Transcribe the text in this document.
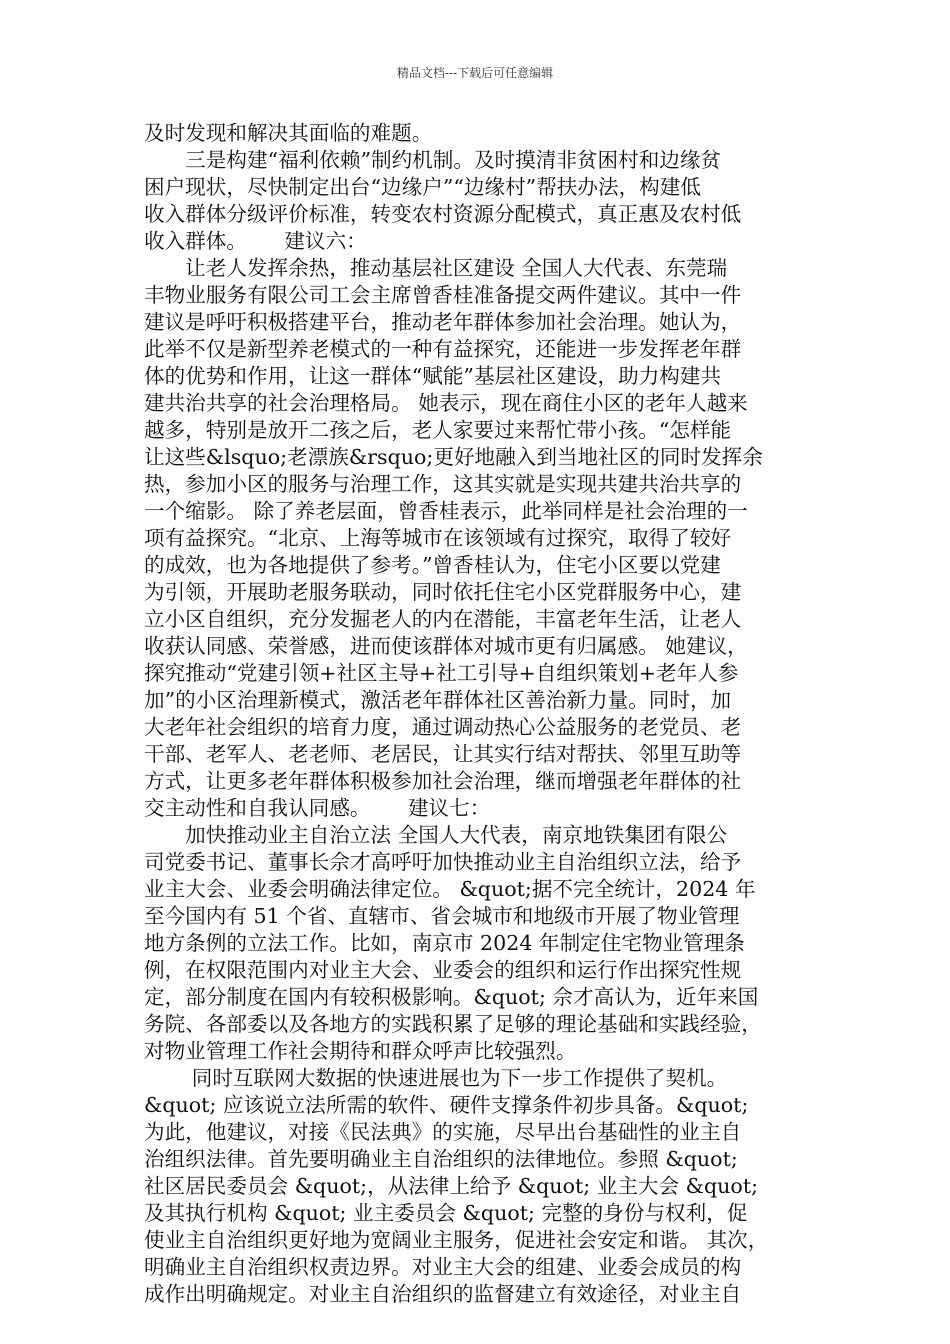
精品文档---下载后可任意编辑
及时发现和解决其面临的难题。
　　三是构建“福利依赖”制约机制。及时摸清非贫困村和边缘贫
困户现状，尽快制定出台“边缘户”“边缘村”帮扶办法，构建低
收入群体分级评价标准，转变农村资源分配模式，真正惠及农村低
收入群体。　　 建议六：
　　让老人发挥余热，推动基层社区建设 全国人大代表、东莞瑞
丰物业服务有限公司工会主席曾香桂准备提交两件建议。其中一件
建议是呼吁积极搭建平台，推动老年群体参加社会治理。她认为，
此举不仅是新型养老模式的一种有益探究，还能进一步发挥老年群
体的优势和作用，让这一群体“赋能”基层社区建设，助力构建共
建共治共享的社会治理格局。 她表示，现在商住小区的老年人越来
越多，特别是放开二孩之后，老人家要过来帮忙带小孩。“怎样能
让这些&lsquo;老漂族&rsquo;更好地融入到当地社区的同时发挥余
热，参加小区的服务与治理工作，这其实就是实现共建共治共享的
一个缩影。 除了养老层面，曾香桂表示，此举同样是社会治理的一
项有益探究。“北京、上海等城市在该领域有过探究，取得了较好
的成效，也为各地提供了参考。”曾香桂认为，住宅小区要以党建
为引领，开展助老服务联动，同时依托住宅小区党群服务中心，建
立小区自组织，充分发掘老人的内在潜能，丰富老年生活，让老人
收获认同感、荣誉感，进而使该群体对城市更有归属感。 她建议，
探究推动“党建引领+社区主导+社工引导+自组织策划+老年人参
加”的小区治理新模式，激活老年群体社区善治新力量。同时，加
大老年社会组织的培育力度，通过调动热心公益服务的老党员、老
干部、老军人、老老师、老居民，让其实行结对帮扶、邻里互助等
方式，让更多老年群体积极参加社会治理，继而增强老年群体的社
交主动性和自我认同感。　　 建议七：
　　加快推动业主自治立法 全国人大代表，南京地铁集团有限公
司党委书记、董事长佘才高呼吁加快推动业主自治组织立法，给予
业主大会、业委会明确法律定位。 &quot;据不完全统计，2024 年
至今国内有 51 个省、直辖市、省会城市和地级市开展了物业管理
地方条例的立法工作。比如，南京市 2024 年制定住宅物业管理条
例，在权限范围内对业主大会、业委会的组织和运行作出探究性规
定，部分制度在国内有较积极影响。&quot; 佘才高认为，近年来国
务院、各部委以及各地方的实践积累了足够的理论基础和实践经验，
对物业管理工作社会期待和群众呼声比较强烈。
　　 同时互联网大数据的快速进展也为下一步工作提供了契机。
&quot; 应该说立法所需的软件、硬件支撑条件初步具备。&quot;
为此，他建议，对接《民法典》的实施，尽早出台基础性的业主自
治组织法律。首先要明确业主自治组织的法律地位。参照 &quot;
社区居民委员会 &quot;，从法律上给予 &quot; 业主大会 &quot;
及其执行机构 &quot; 业主委员会 &quot; 完整的身份与权利，促
使业主自治组织更好地为宽阔业主服务，促进社会安定和谐。 其次，
明确业主自治组织权责边界。对业主大会的组建、业委会成员的构
成作出明确规定。对业主自治组织的监督建立有效途径，对业主自
